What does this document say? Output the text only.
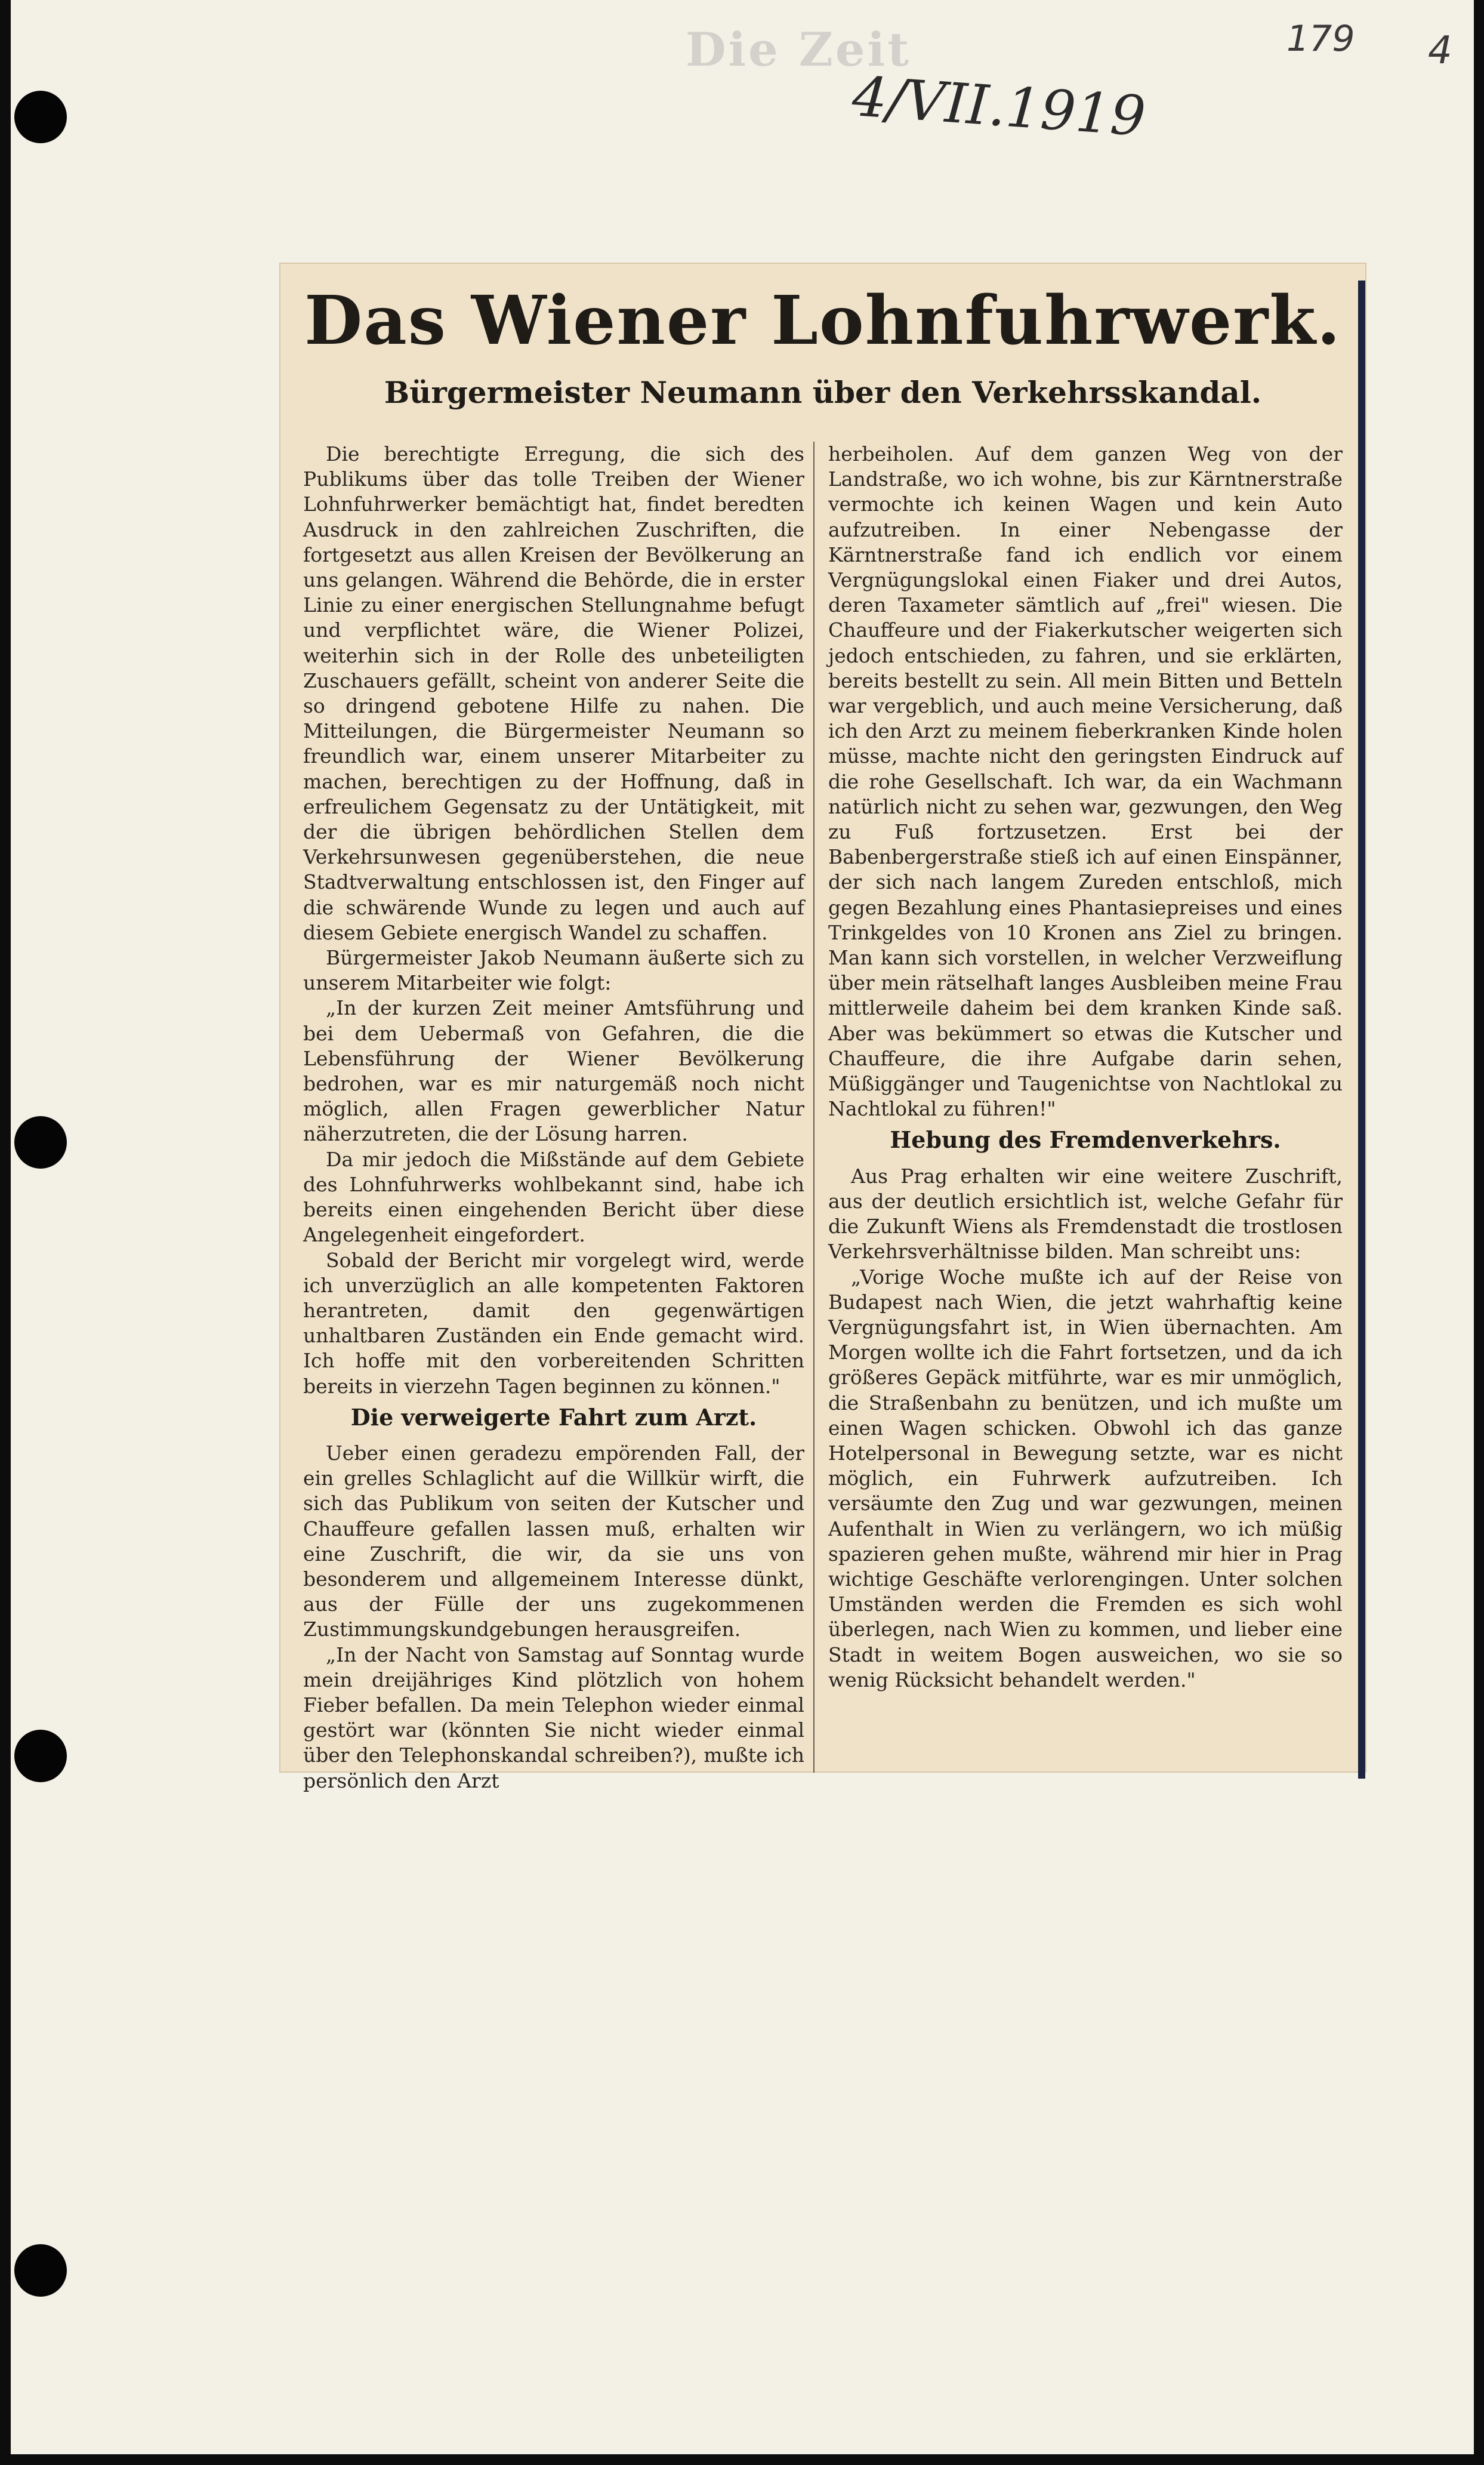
Die Zeit
4/VII.1919
179 4
Das Wiener Lohnfuhrwerk.
Bürgermeister Neumann über den Verkehrsskandal.

Die berechtigte Erregung, die sich des Publikums über das tolle Treiben der Wiener Lohnfuhrwerker bemächtigt hat, findet beredten Ausdruck in den zahlreichen Zuschriften, die fortgesetzt aus allen Kreisen der Bevölkerung an uns gelangen. Während die Behörde, die in erster Linie zu einer energischen Stellungnahme befugt und verpflichtet wäre, die Wiener Polizei, weiterhin sich in der Rolle des unbeteiligten Zuschauers gefällt, scheint von anderer Seite die so dringend gebotene Hilfe zu nahen. Die Mitteilungen, die Bürgermeister Neumann so freundlich war, einem unserer Mitarbeiter zu machen, berechtigen zu der Hoffnung, daß in erfreulichem Gegensatz zu der Untätigkeit, mit der die übrigen behördlichen Stellen dem Verkehrsunwesen gegenüberstehen, die neue Stadtverwaltung entschlossen ist, den Finger auf die schwärende Wunde zu legen und auch auf diesem Gebiete energisch Wandel zu schaffen.

Bürgermeister Jakob Neumann äußerte sich zu unserem Mitarbeiter wie folgt:

„In der kurzen Zeit meiner Amtsführung und bei dem Uebermaß von Gefahren, die die Lebensführung der Wiener Bevölkerung bedrohen, war es mir naturgemäß noch nicht möglich, allen Fragen gewerblicher Natur näherzutreten, die der Lösung harren.

Da mir jedoch die Mißstände auf dem Gebiete des Lohnfuhrwerks wohlbekannt sind, habe ich bereits einen eingehenden Bericht über diese Angelegenheit eingefordert.

Sobald der Bericht mir vorgelegt wird, werde ich unverzüglich an alle kompetenten Faktoren herantreten, damit den gegenwärtigen unhaltbaren Zuständen ein Ende gemacht wird. Ich hoffe mit den vorbereitenden Schritten bereits in vierzehn Tagen beginnen zu können."

Die verweigerte Fahrt zum Arzt.

Ueber einen geradezu empörenden Fall, der ein grelles Schlaglicht auf die Willkür wirft, die sich das Publikum von seiten der Kutscher und Chauffeure gefallen lassen muß, erhalten wir eine Zuschrift, die wir, da sie uns von besonderem und allgemeinem Interesse dünkt, aus der Fülle der uns zugekommenen Zustimmungskundgebungen herausgreifen.

„In der Nacht von Samstag auf Sonntag wurde mein dreijähriges Kind plötzlich von hohem Fieber befallen. Da mein Telephon wieder einmal gestört war (könnten Sie nicht wieder einmal über den Telephonskandal schreiben?), mußte ich persönlich den Arzt

herbeiholen. Auf dem ganzen Weg von der Landstraße, wo ich wohne, bis zur Kärntnerstraße vermochte ich keinen Wagen und kein Auto aufzutreiben. In einer Nebengasse der Kärntnerstraße fand ich endlich vor einem Vergnügungslokal einen Fiaker und drei Autos, deren Taxameter sämtlich auf „frei" wiesen. Die Chauffeure und der Fiakerkutscher weigerten sich jedoch entschieden, zu fahren, und sie erklärten, bereits bestellt zu sein. All mein Bitten und Betteln war vergeblich, und auch meine Versicherung, daß ich den Arzt zu meinem fieberkranken Kinde holen müsse, machte nicht den geringsten Eindruck auf die rohe Gesellschaft. Ich war, da ein Wachmann natürlich nicht zu sehen war, gezwungen, den Weg zu Fuß fortzusetzen. Erst bei der Babenbergerstraße stieß ich auf einen Einspänner, der sich nach langem Zureden entschloß, mich gegen Bezahlung eines Phantasiepreises und eines Trinkgeldes von 10 Kronen ans Ziel zu bringen. Man kann sich vorstellen, in welcher Verzweiflung über mein rätselhaft langes Ausbleiben meine Frau mittlerweile daheim bei dem kranken Kinde saß. Aber was bekümmert so etwas die Kutscher und Chauffeure, die ihre Aufgabe darin sehen, Müßiggänger und Taugenichtse von Nachtlokal zu Nachtlokal zu führen!"

Hebung des Fremdenverkehrs.

Aus Prag erhalten wir eine weitere Zuschrift, aus der deutlich ersichtlich ist, welche Gefahr für die Zukunft Wiens als Fremdenstadt die trostlosen Verkehrsverhältnisse bilden. Man schreibt uns:

„Vorige Woche mußte ich auf der Reise von Budapest nach Wien, die jetzt wahrhaftig keine Vergnügungsfahrt ist, in Wien übernachten. Am Morgen wollte ich die Fahrt fortsetzen, und da ich größeres Gepäck mitführte, war es mir unmöglich, die Straßenbahn zu benützen, und ich mußte um einen Wagen schicken. Obwohl ich das ganze Hotelpersonal in Bewegung setzte, war es nicht möglich, ein Fuhrwerk aufzutreiben. Ich versäumte den Zug und war gezwungen, meinen Aufenthalt in Wien zu verlängern, wo ich müßig spazieren gehen mußte, während mir hier in Prag wichtige Geschäfte verlorengingen. Unter solchen Umständen werden die Fremden es sich wohl überlegen, nach Wien zu kommen, und lieber eine Stadt in weitem Bogen ausweichen, wo sie so wenig Rücksicht behandelt werden."
